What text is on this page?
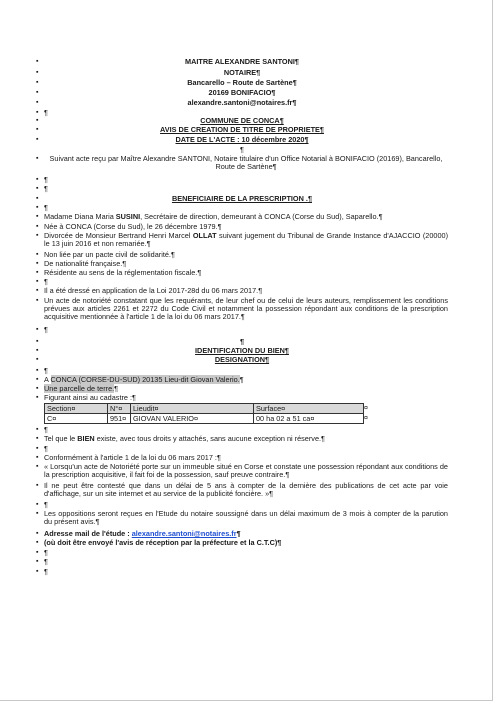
MAITRE ALEXANDRE SANTONI ¶
▪
NOTAIRE ¶
▪
Bancarello – Route de Sartène ¶
▪
20169 BONIFACIO ¶
▪
alexandre.santoni@notaires.fr ¶
▪
▪
¶
COMMUNE DE CONCA ¶
▪
AVIS DE CREATION DE TITRE DE PROPRIETE ¶
▪
DATE DE L'ACTE : 10 décembre 2020 ¶
▪
¶
▪
Suivant acte reçu par Maître Alexandre SANTONI, Notaire titulaire d'un Office Notarial à BONIFACIO (20169), Bancarello, Route de Sartène ¶
▪
¶
▪
¶
BENEFICIAIRE DE LA PRESCRIPTION . ¶
▪
▪
¶
▪
Madame Diana Maria SUSINI, Secrétaire de direction, demeurant à CONCA (Corse du Sud), Saparello. ¶
▪
Née à CONCA (Corse du Sud), le 26 décembre 1979. ¶
▪
Divorcée de Monsieur Bertrand Henri Marcel OLLAT suivant jugement du Tribunal de Grande Instance d'AJACCIO (20000) le 13 juin 2016 et non remariée. ¶
▪
Non liée par un pacte civil de solidarité. ¶
▪
De nationalité française. ¶
▪
Résidente au sens de la réglementation fiscale. ¶
▪
¶
▪
Il a été dressé en application de la Loi 2017-28d du 06 mars 2017. ¶
▪
Un acte de notoriété constatant que les requérants, de leur chef ou de celui de leurs auteurs, remplissement les conditions prévues aux articles 2261 et 2272 du Code Civil et notamment la possession répondant aux conditions de la prescription acquisitive mentionnée à l'article 1 de la loi du 06 mars 2017. ¶
▪
¶
¶
▪
IDENTIFICATION DU BIEN ¶
▪
DESIGNATION ¶
▪
▪
¶
▪
A CONCA (CORSE-DU-SUD) 20135 Lieu-dit Giovan Valerio. ¶
▪
Une parcelle de terre. ¶
▪
Figurant ainsi au cadastre : ¶
Section¤	N°¤	Lieudit¤	Surface¤
C¤	951¤	GIOVAN VALERIO¤	00 ha 02 a 51 ca¤
¤
¤
▪
¶
▪
Tel que le BIEN existe, avec tous droits y attachés, sans aucune exception ni réserve. ¶
▪
¶
▪
Conformément à l'article 1 de la loi du 06 mars 2017 : ¶
▪
« Lorsqu'un acte de Notoriété porte sur un immeuble situé en Corse et constate une possession répondant aux conditions de la prescription acquisitive, il fait foi de la possession, sauf preuve contraire. ¶
▪
Il ne peut être contesté que dans un délai de 5 ans à compter de la dernière des publications de cet acte par voie d'affichage, sur un site internet et au service de la publicité foncière. » ¶
▪
¶
▪
Les oppositions seront reçues en l'Etude du notaire soussigné dans un délai maximum de 3 mois à compter de la parution du présent avis. ¶
▪
Adresse mail de l'étude : alexandre.santoni@notaires.fr ¶
▪
(où doit être envoyé l'avis de réception par la préfecture et la C.T.C) ¶
▪
¶
▪
¶
▪
¶
